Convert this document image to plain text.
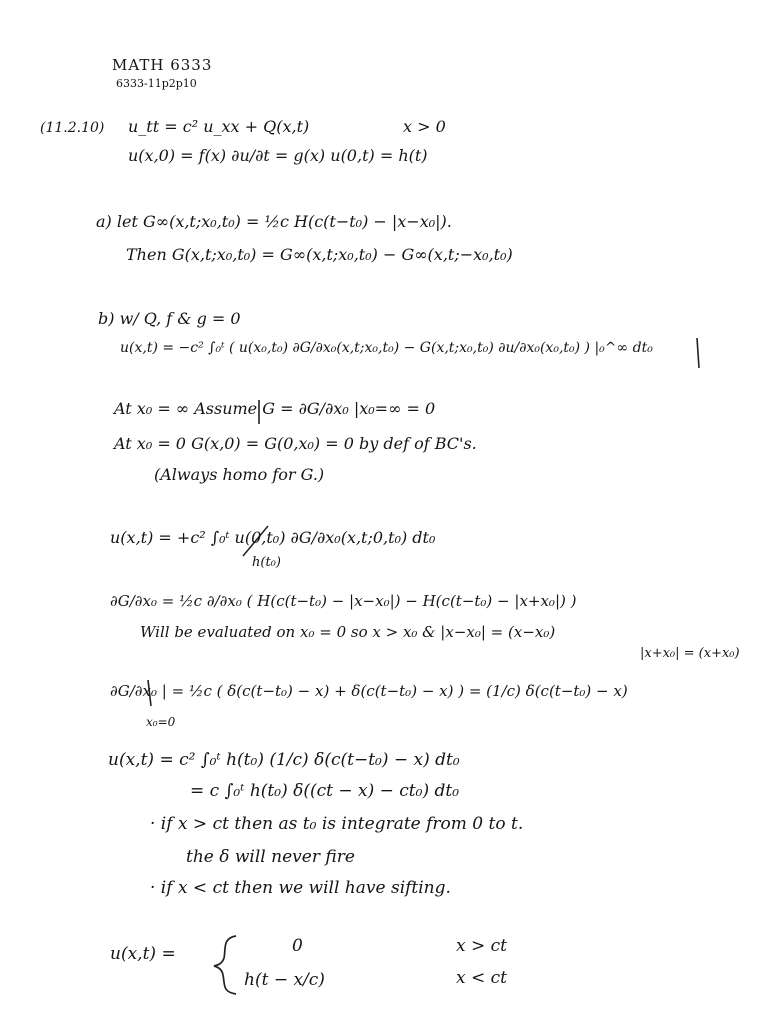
MATH 6333
6333-11p2p10
(11.2.10) u_tt = c² u_xx + Q(x,t)	x > 0
u(x,0) = f(x) ∂u/∂t = g(x) u(0,t) = h(t)
a) let G∞(x,t;x₀,t₀) = ½c H(c(t−t₀) − |x−x₀|).
Then G(x,t;x₀,t₀) = G∞(x,t;x₀,t₀) − G∞(x,t;−x₀,t₀)
b) w/ Q, f & g = 0
u(x,t) = −c² ∫₀ᵗ ( u(x₀,t₀) ∂G/∂x₀(x,t;x₀,t₀) − G(x,t;x₀,t₀) ∂u/∂x₀(x₀,t₀) ) |₀^∞ dt₀
At x₀ = ∞ Assume G = ∂G/∂x₀ |x₀=∞ = 0
At x₀ = 0 G(x,0) = G(0,x₀) = 0 by def of BC's.
(Always homo for G.)
u(x,t) = +c² ∫₀ᵗ u(0,t₀) ∂G/∂x₀(x,t;0,t₀) dt₀
h(t₀)
∂G/∂x₀ = ½c ∂/∂x₀ ( H(c(t−t₀) − |x−x₀|) − H(c(t−t₀) − |x+x₀|) )
Will be evaluated on x₀ = 0 so x > x₀ & |x−x₀| = (x−x₀)
|x+x₀| = (x+x₀)
∂G/∂x₀ | = ½c ( δ(c(t−t₀) − x) + δ(c(t−t₀) − x) ) = (1/c) δ(c(t−t₀) − x)
x₀=0
u(x,t) = c² ∫₀ᵗ h(t₀) (1/c) δ(c(t−t₀) − x) dt₀
= c ∫₀ᵗ h(t₀) δ((ct − x) − ct₀) dt₀
· if x > ct then as t₀ is integrate from 0 to t.
the δ will never fire
· if x < ct then we will have sifting.
u(x,t) =	0	x > ct
h(t − x/c)	x < ct
